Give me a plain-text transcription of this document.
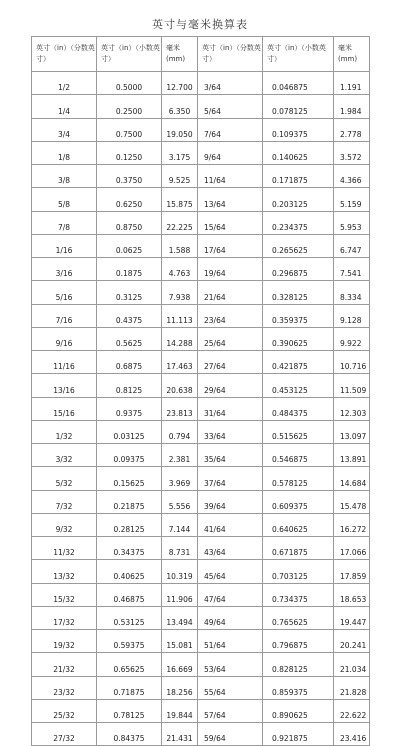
英寸与毫米换算表
英寸（in）（分数英寸）	英寸（in）（小数英寸）	毫米 (mm)	英寸（in）（分数英寸）	英寸（in）（小数英寸）	毫米 (mm)
1/2	0.5000	12.700	3/64	0.046875	1.191
1/4	0.2500	6.350	5/64	0.078125	1.984
3/4	0.7500	19.050	7/64	0.109375	2.778
1/8	0.1250	3.175	9/64	0.140625	3.572
3/8	0.3750	9.525	11/64	0.171875	4.366
5/8	0.6250	15.875	13/64	0.203125	5.159
7/8	0.8750	22.225	15/64	0.234375	5.953
1/16	0.0625	1.588	17/64	0.265625	6.747
3/16	0.1875	4.763	19/64	0.296875	7.541
5/16	0.3125	7.938	21/64	0.328125	8.334
7/16	0.4375	11.113	23/64	0.359375	9.128
9/16	0.5625	14.288	25/64	0.390625	9.922
11/16	0.6875	17.463	27/64	0.421875	10.716
13/16	0.8125	20.638	29/64	0.453125	11.509
15/16	0.9375	23.813	31/64	0.484375	12.303
1/32	0.03125	0.794	33/64	0.515625	13.097
3/32	0.09375	2.381	35/64	0.546875	13.891
5/32	0.15625	3.969	37/64	0.578125	14.684
7/32	0.21875	5.556	39/64	0.609375	15.478
9/32	0.28125	7.144	41/64	0.640625	16.272
11/32	0.34375	8.731	43/64	0.671875	17.066
13/32	0.40625	10.319	45/64	0.703125	17.859
15/32	0.46875	11.906	47/64	0.734375	18.653
17/32	0.53125	13.494	49/64	0.765625	19.447
19/32	0.59375	15.081	51/64	0.796875	20.241
21/32	0.65625	16.669	53/64	0.828125	21.034
23/32	0.71875	18.256	55/64	0.859375	21.828
25/32	0.78125	19.844	57/64	0.890625	22.622
27/32	0.84375	21.431	59/64	0.921875	23.416
